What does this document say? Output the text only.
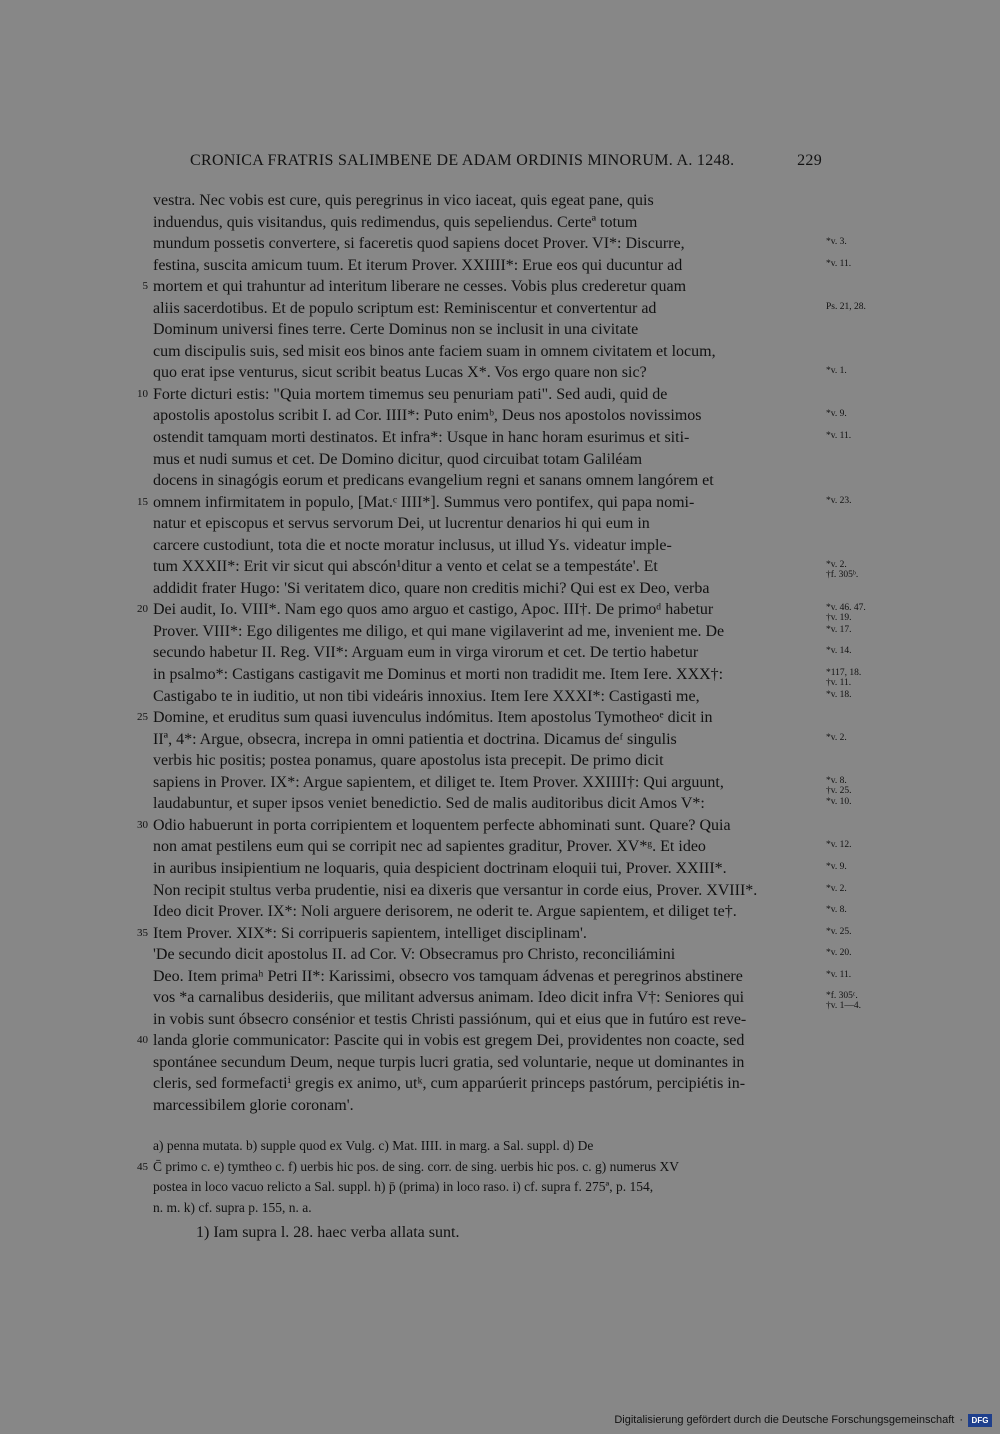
CRONICA FRATRIS SALIMBENE DE ADAM ORDINIS MINORUM. A. 1248.	229
vestra. Nec vobis est cure, quis peregrinus in vico iaceat, quis egeat pane, quis
induendus, quis visitandus, quis redimendus, quis sepeliendus. Certeª totum
mundum possetis convertere, si faceretis quod sapiens docet Prover. VI*: Discurre,	*v. 3.
festina, suscita amicum tuum. Et iterum Prover. XXIIII*: Erue eos qui ducuntur ad	*v. 11.
5 mortem et qui trahuntur ad interitum liberare ne cesses. Vobis plus crederetur quam
aliis sacerdotibus. Et de populo scriptum est: Reminiscentur et convertentur ad	Ps. 21, 28.
Dominum universi fines terre. Certe Dominus non se inclusit in una civitate
cum discipulis suis, sed misit eos binos ante faciem suam in omnem civitatem et locum,
quo erat ipse venturus, sicut scribit beatus Lucas X*. Vos ergo quare non sic?	*v. 1.
10 Forte dicturi estis: "Quia mortem timemus seu penuriam pati". Sed audi, quid de
apostolis apostolus scribit I. ad Cor. IIII*: Puto enimᵇ, Deus nos apostolos novissimos	*v. 9.
ostendit tamquam morti destinatos. Et infra*: Usque in hanc horam esurimus et siti-	*v. 11.
mus et nudi sumus et cet. De Domino dicitur, quod circuibat totam Galiléam
docens in sinagógis eorum et predicans evangelium regni et sanans omnem langórem et
15 omnem infirmitatem in populo, [Mat.ᶜ IIII*]. Summus vero pontifex, qui papa nomi-	*v. 23.
natur et episcopus et servus servorum Dei, ut lucrentur denarios hi qui eum in
carcere custodiunt, tota die et nocte moratur inclusus, ut illud Ys. videatur imple-
tum XXXII*: Erit vir sicut qui abscón¹ditur a vento et celat se a tempestáte'. Et	*v. 2.
†f. 305ᵇ.
addidit frater Hugo: 'Si veritatem dico, quare non creditis michi? Qui est ex Deo, verba
20 Dei audit, Io. VIII*. Nam ego quos amo arguo et castigo, Apoc. III†. De primoᵈ habetur	*v. 46. 47.
†v. 19.
Prover. VIII*: Ego diligentes me diligo, et qui mane vigilaverint ad me, invenient me. De	*v. 17.
secundo habetur II. Reg. VII*: Arguam eum in virga virorum et cet. De tertio habetur	*v. 14.
in psalmo*: Castigans castigavit me Dominus et morti non tradidit me. Item Iere. XXX†:	*117, 18.
†v. 11.
Castigabo te in iuditio, ut non tibi videáris innoxius. Item Iere XXXI*: Castigasti me,	*v. 18.
25 Domine, et eruditus sum quasi iuvenculus indómitus. Item apostolus Tymotheoᵉ dicit in
IIª, 4*: Argue, obsecra, increpa in omni patientia et doctrina. Dicamus deᶠ singulis	*v. 2.
verbis hic positis; postea ponamus, quare apostolus ista precepit. De primo dicit
sapiens in Prover. IX*: Argue sapientem, et diliget te. Item Prover. XXIIII†: Qui arguunt,	*v. 8.
†v. 25.
laudabuntur, et super ipsos veniet benedictio. Sed de malis auditoribus dicit Amos V*:	*v. 10.
30 Odio habuerunt in porta corripientem et loquentem perfecte abhominati sunt. Quare? Quia
non amat pestilens eum qui se corripit nec ad sapientes graditur, Prover. XV*ᵍ. Et ideo	*v. 12.
in auribus insipientium ne loquaris, quia despicient doctrinam eloquii tui, Prover. XXIII*.	*v. 9.
Non recipit stultus verba prudentie, nisi ea dixeris que versantur in corde eius, Prover. XVIII*.	*v. 2.
Ideo dicit Prover. IX*: Noli arguere derisorem, ne oderit te. Argue sapientem, et diliget te†.	*v. 8.
35 Item Prover. XIX*: Si corripueris sapientem, intelliget disciplinam'.	*v. 25.
'De secundo dicit apostolus II. ad Cor. V: Obsecramus pro Christo, reconciliámini	*v. 20.
Deo. Item primaʰ Petri II*: Karissimi, obsecro vos tamquam ádvenas et peregrinos abstinere	*v. 11.
vos *a carnalibus desideriis, que militant adversus animam. Ideo dicit infra V†: Seniores qui	*f. 305ᶜ.
†v. 1—4.
in vobis sunt óbsecro consénior et testis Christi passiónum, qui et eius que in futúro est reve-
40 landa glorie communicator: Pascite qui in vobis est gregem Dei, providentes non coacte, sed
spontánee secundum Deum, neque turpis lucri gratia, sed voluntarie, neque ut dominantes in
cleris, sed formefactiⁱ gregis ex animo, utᵏ, cum apparúerit princeps pastórum, percipiétis in-
marcessibilem glorie coronam'.
a) penna mutata. b) supple quod ex Vulg. c) Mat. IIII. in marg. a Sal. suppl. d) De
45 C̄ primo c. e) tymtheo c. f) uerbis hic pos. de sing. corr. de sing. uerbis hic pos. c. g) numerus XV
postea in loco vacuo relicto a Sal. suppl. h) p̄ (prima) in loco raso. i) cf. supra f. 275ª, p. 154,
n. m. k) cf. supra p. 155, n. a.
1) Iam supra l. 28. haec verba allata sunt.
Digitalisierung gefördert durch die Deutsche Forschungsgemeinschaft ·	DFG
